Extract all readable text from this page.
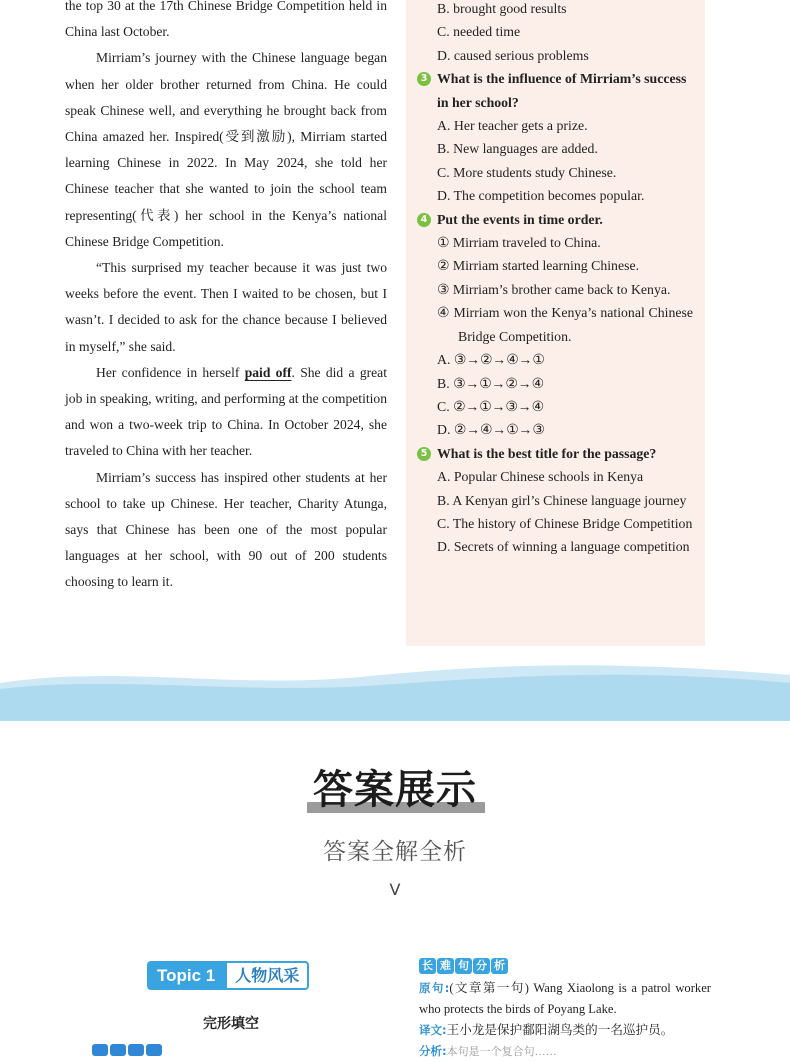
the top 30 at the 17th Chinese Bridge Competition held in China last October.

Mirriam’s journey with the Chinese language began when her older brother returned from China. He could speak Chinese well, and everything he brought back from China amazed her. Inspired(受到激励), Mirriam started learning Chinese in 2022. In May 2024, she told her Chinese teacher that she wanted to join the school team representing(代表) her school in the Kenya’s national Chinese Bridge Competition.

“This surprised my teacher because it was just two weeks before the event. Then I waited to be chosen, but I wasn’t. I decided to ask for the chance because I believed in myself,” she said.

Her confidence in herself paid off. She did a great job in speaking, writing, and performing at the competition and won a two-week trip to China. In October 2024, she traveled to China with her teacher.

Mirriam’s success has inspired other students at her school to take up Chinese. Her teacher, Charity Atunga, says that Chinese has been one of the most popular languages at her school, with 90 out of 200 students choosing to learn it.

B. brought good results
C. needed time
D. caused serious problems
3 What is the influence of Mirriam’s success in her school?
A. Her teacher gets a prize.
B. New languages are added.
C. More students study Chinese.
D. The competition becomes popular.
4 Put the events in time order.
① Mirriam traveled to China.
② Mirriam started learning Chinese.
③ Mirriam’s brother came back to Kenya.
④ Mirriam won the Kenya’s national Chinese Bridge Competition.
A. ③→②→④→①
B. ③→①→②→④
C. ②→①→③→④
D. ②→④→①→③
5 What is the best title for the passage?
A. Popular Chinese schools in Kenya
B. A Kenyan girl’s Chinese language journey
C. The history of Chinese Bridge Competition
D. Secrets of winning a language competition
答案展示
答案全解全析
V
Topic 1	人物风采
完形填空
长 难 句 分 析
原句:(文章第一句) Wang Xiaolong is a patrol worker who protects the birds of Poyang Lake.
译文:王小龙是保护鄱阳湖鸟类的一名巡护员。
分析:本句是一个复合句……
